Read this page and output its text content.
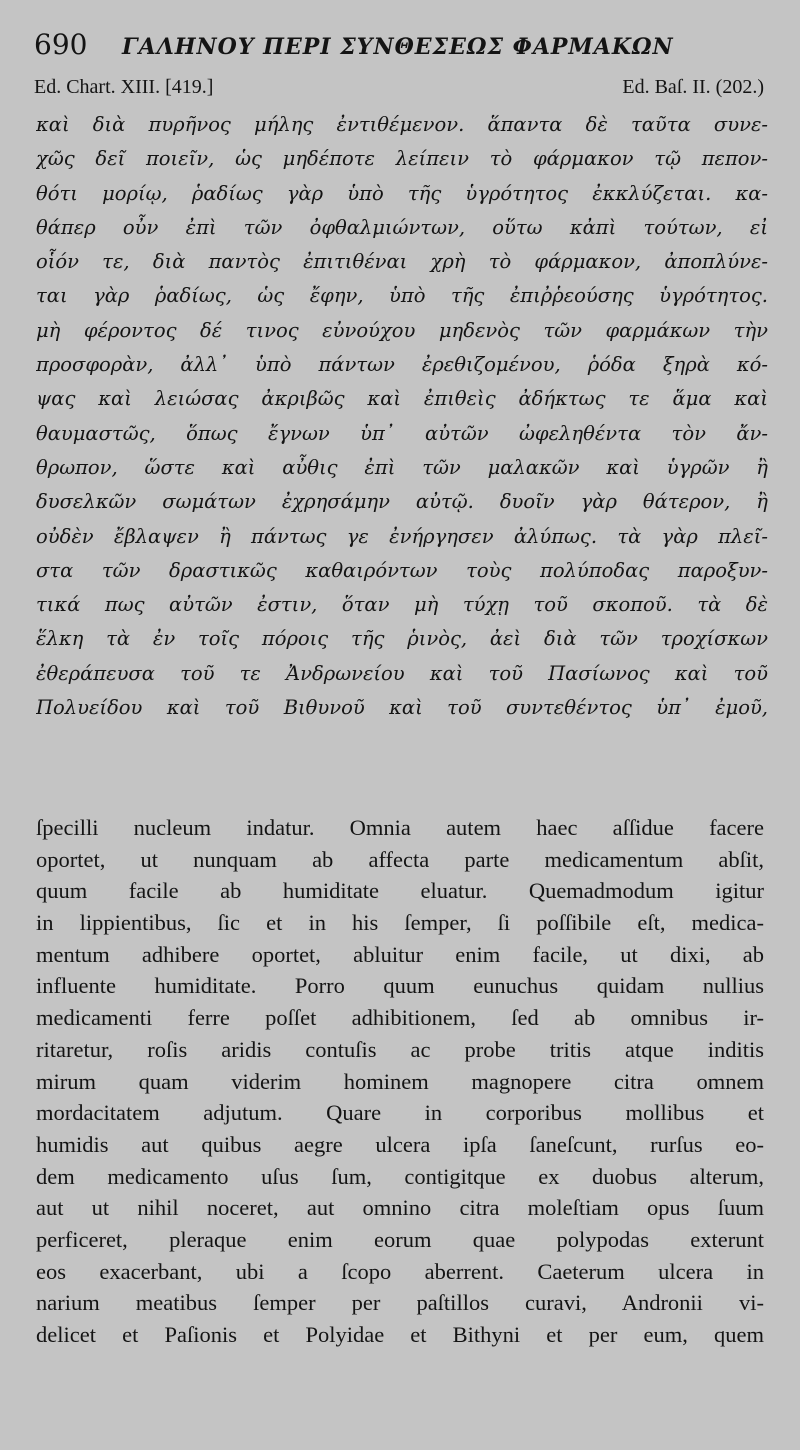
690 ΓΑΛΗΝΟΥ ΠΕΡΙ ΣΥΝΘΕΣΕΩΣ ΦΑΡΜΑΚΩΝ
Ed. Chart. XIII. [419.]	Ed. Baſ. II. (202.)
καὶ διὰ πυρῆνος μήλης ἐντιθέμενον. ἅπαντα δὲ ταῦτα συνε-
χῶς δεῖ ποιεῖν, ὡς μηδέποτε λείπειν τὸ φάρμακον τῷ πεπον-
θότι μορίῳ, ῥαδίως γὰρ ὑπὸ τῆς ὑγρότητος ἐκκλύζεται. κα-
θάπερ οὖν ἐπὶ τῶν ὀφθαλμιώντων, οὕτω κἀπὶ τούτων, εἰ
οἷόν τε, διὰ παντὸς ἐπιτιθέναι χρὴ τὸ φάρμακον, ἀποπλύνε-
ται γὰρ ῥαδίως, ὡς ἔφην, ὑπὸ τῆς ἐπιῤῥεούσης ὑγρότητος.
μὴ φέροντος δέ τινος εὐνούχου μηδενὸς τῶν φαρμάκων τὴν
προσφορὰν, ἀλλ᾽ ὑπὸ πάντων ἐρεθιζομένου, ῥόδα ξηρὰ κό-
ψας καὶ λειώσας ἀκριβῶς καὶ ἐπιθεὶς ἀδήκτως τε ἅμα καὶ
θαυμαστῶς, ὅπως ἔγνων ὑπ᾽ αὐτῶν ὠφεληθέντα τὸν ἄν-
θρωπον, ὥστε καὶ αὖθις ἐπὶ τῶν μαλακῶν καὶ ὑγρῶν ἢ
δυσελκῶν σωμάτων ἐχρησάμην αὐτῷ. δυοῖν γὰρ θάτερον, ἢ
οὐδὲν ἔβλαψεν ἢ πάντως γε ἐνήργησεν ἀλύπως. τὰ γὰρ πλεῖ-
στα τῶν δραστικῶς καθαιρόντων τοὺς πολύποδας παροξυν-
τικά πως αὐτῶν ἐστιν, ὅταν μὴ τύχῃ τοῦ σκοποῦ. τὰ δὲ
ἕλκη τὰ ἐν τοῖς πόροις τῆς ῥινὸς, ἀεὶ διὰ τῶν τροχίσκων
ἐθεράπευσα τοῦ τε Ἀνδρωνείου καὶ τοῦ Πασίωνος καὶ τοῦ
Πολυείδου καὶ τοῦ Βιθυνοῦ καὶ τοῦ συντεθέντος ὑπ᾽ ἐμοῦ,
ſpecilli nucleum indatur. Omnia autem haec aſſidue facere
oportet, ut nunquam ab affecta parte medicamentum abſit,
quum facile ab humiditate eluatur. Quemadmodum igitur
in lippientibus, ſic et in his ſemper, ſi poſſibile eſt, medica-
mentum adhibere oportet, abluitur enim facile, ut dixi, ab
influente humiditate. Porro quum eunuchus quidam nullius
medicamenti ferre poſſet adhibitionem, ſed ab omnibus ir-
ritaretur, roſis aridis contuſis ac probe tritis atque inditis
mirum quam viderim hominem magnopere citra omnem
mordacitatem adjutum. Quare in corporibus mollibus et
humidis aut quibus aegre ulcera ipſa ſaneſcunt, rurſus eo-
dem medicamento uſus ſum, contigitque ex duobus alterum,
aut ut nihil noceret, aut omnino citra moleſtiam opus ſuum
perficeret, pleraque enim eorum quae polypodas exterunt
eos exacerbant, ubi a ſcopo aberrent. Caeterum ulcera in
narium meatibus ſemper per paſtillos curavi, Andronii vi-
delicet et Paſionis et Polyidae et Bithyni et per eum, quem
